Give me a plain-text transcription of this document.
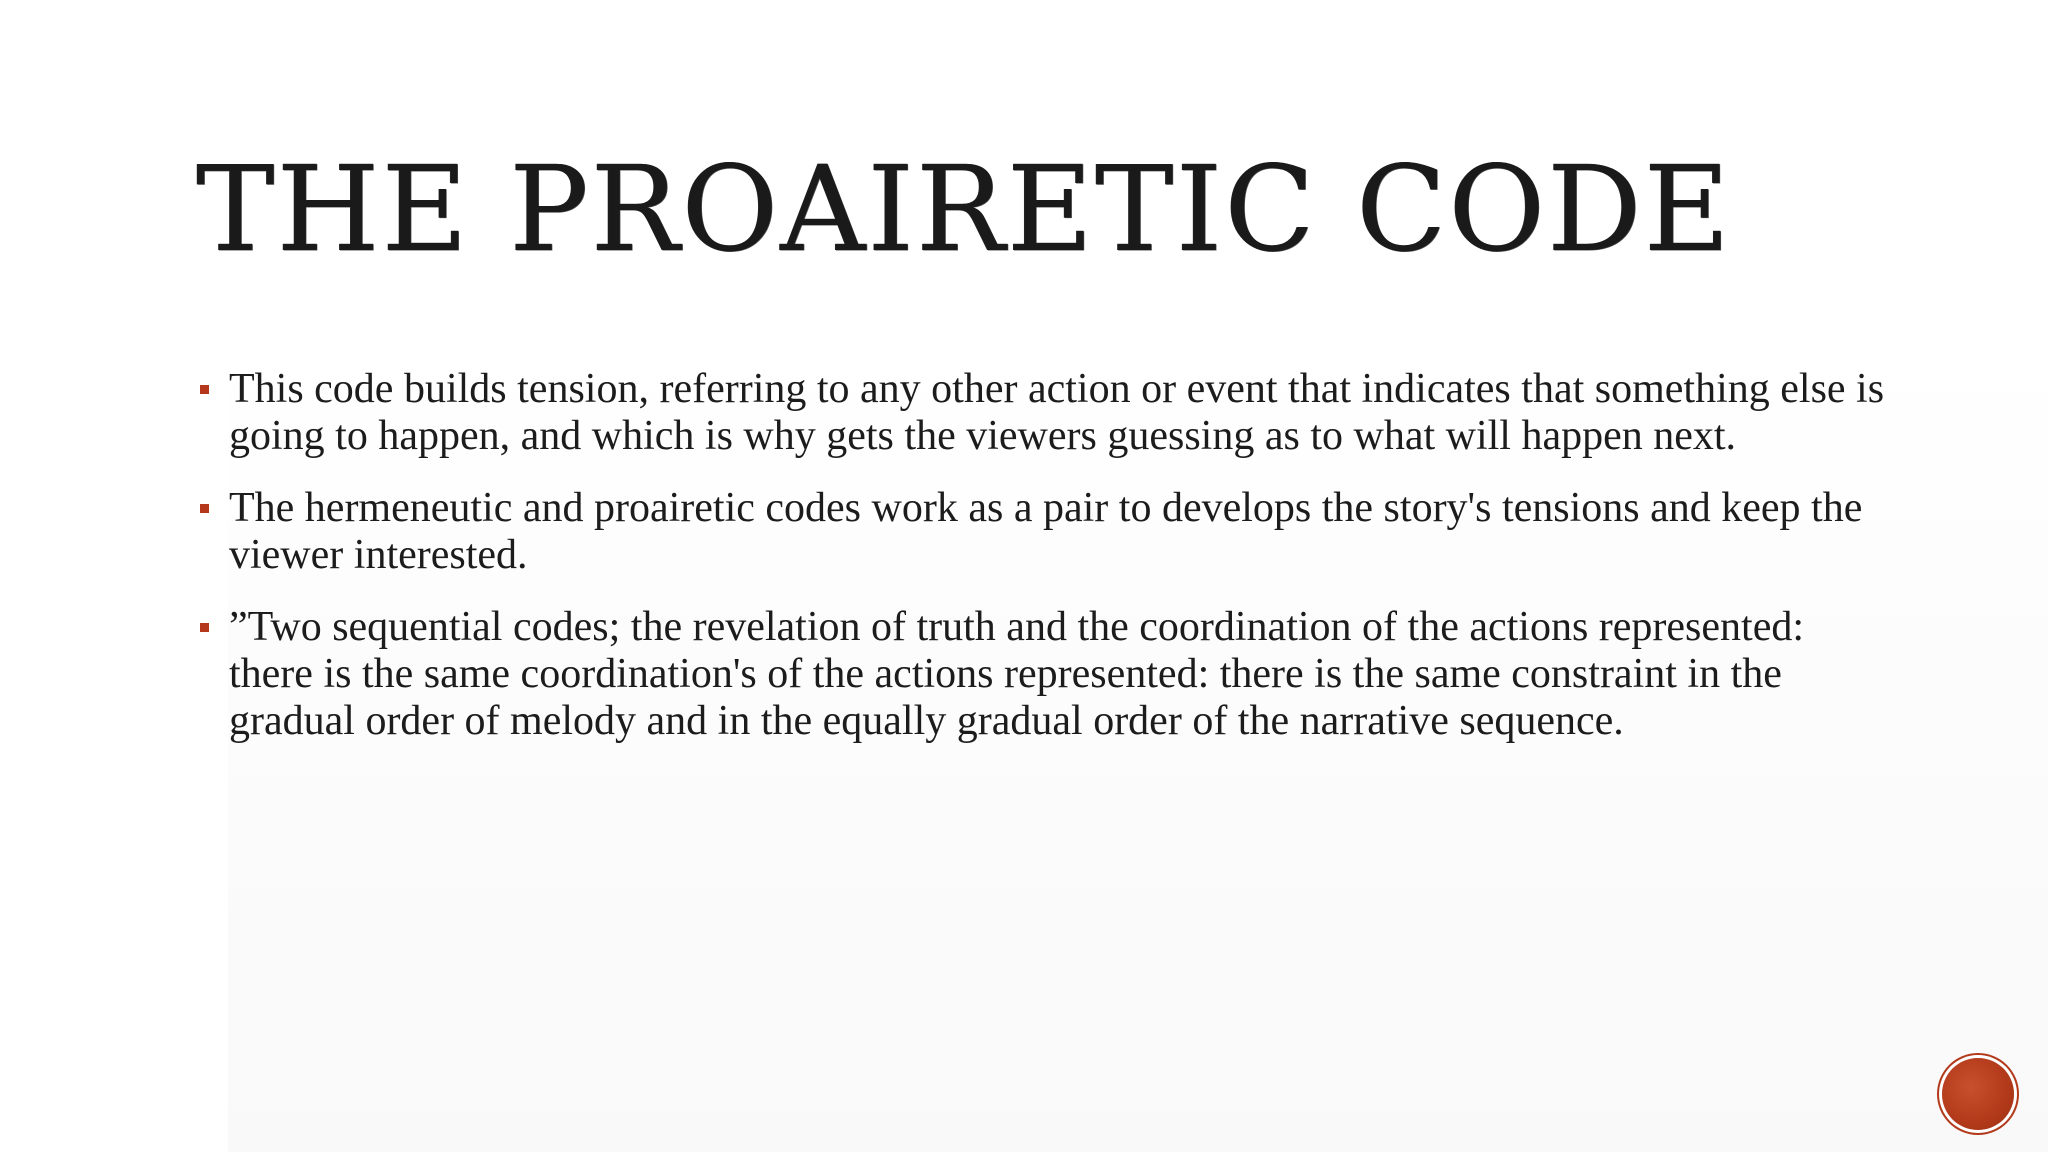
THE PROAIRETIC CODE
This code builds tension, referring to any other action or event that indicates that something else is going to happen, and which is why gets the viewers guessing as to what will happen next.
The hermeneutic and proairetic codes work as a pair to develops the story's tensions and keep the viewer interested.
”Two sequential codes; the revelation of truth and the coordination of the actions represented: there is the same coordination's of the actions represented: there is the same constraint in the gradual order of melody and in the equally gradual order of the narrative sequence.
